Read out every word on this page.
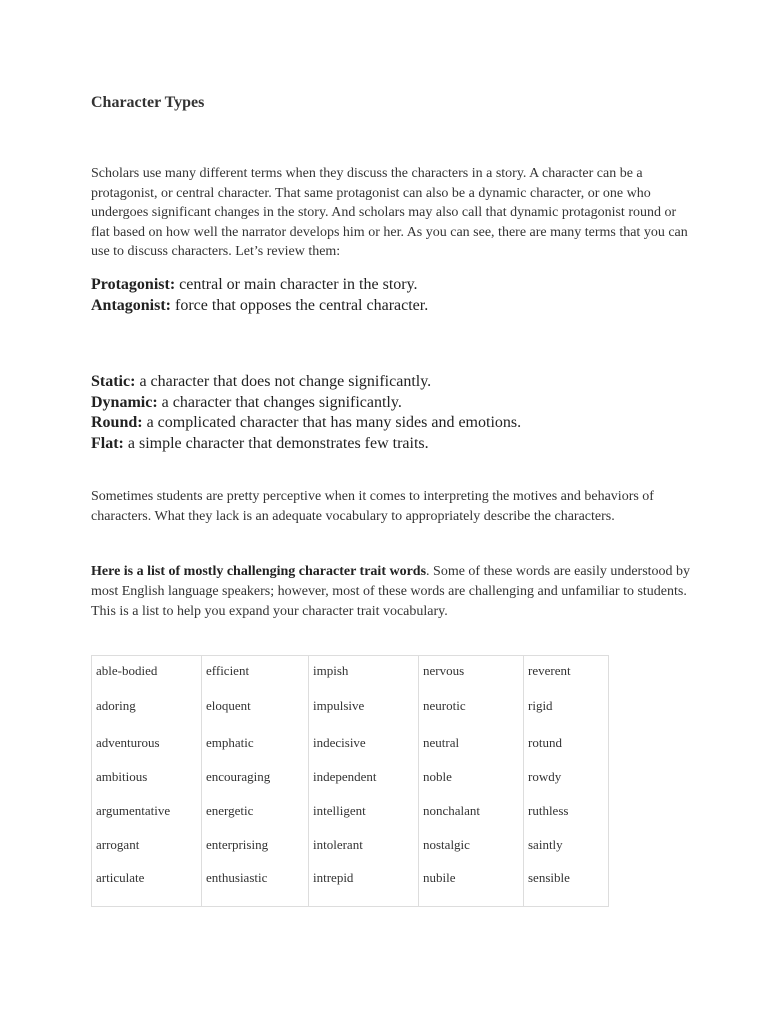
Character Types

Scholars use many different terms when they discuss the characters in a story. A character can be a protagonist, or central character. That same protagonist can also be a dynamic character, or one who undergoes significant changes in the story. And scholars may also call that dynamic protagonist round or flat based on how well the narrator develops him or her. As you can see, there are many terms that you can use to discuss characters. Let’s review them:

Protagonist: central or main character in the story.
Antagonist: force that opposes the central character.
Static: a character that does not change significantly.
Dynamic: a character that changes significantly.
Round: a complicated character that has many sides and emotions.
Flat: a simple character that demonstrates few traits.

Sometimes students are pretty perceptive when it comes to interpreting the motives and behaviors of characters. What they lack is an adequate vocabulary to appropriately describe the characters.

Here is a list of mostly challenging character trait words. Some of these words are easily understood by most English language speakers; however, most of these words are challenging and unfamiliar to students. This is a list to help you expand your character trait vocabulary.

able-bodied	efficient	impish	nervous	reverent
adoring	eloquent	impulsive	neurotic	rigid
adventurous	emphatic	indecisive	neutral	rotund
ambitious	encouraging	independent	noble	rowdy
argumentative	energetic	intelligent	nonchalant	ruthless
arrogant	enterprising	intolerant	nostalgic	saintly
articulate	enthusiastic	intrepid	nubile	sensible
